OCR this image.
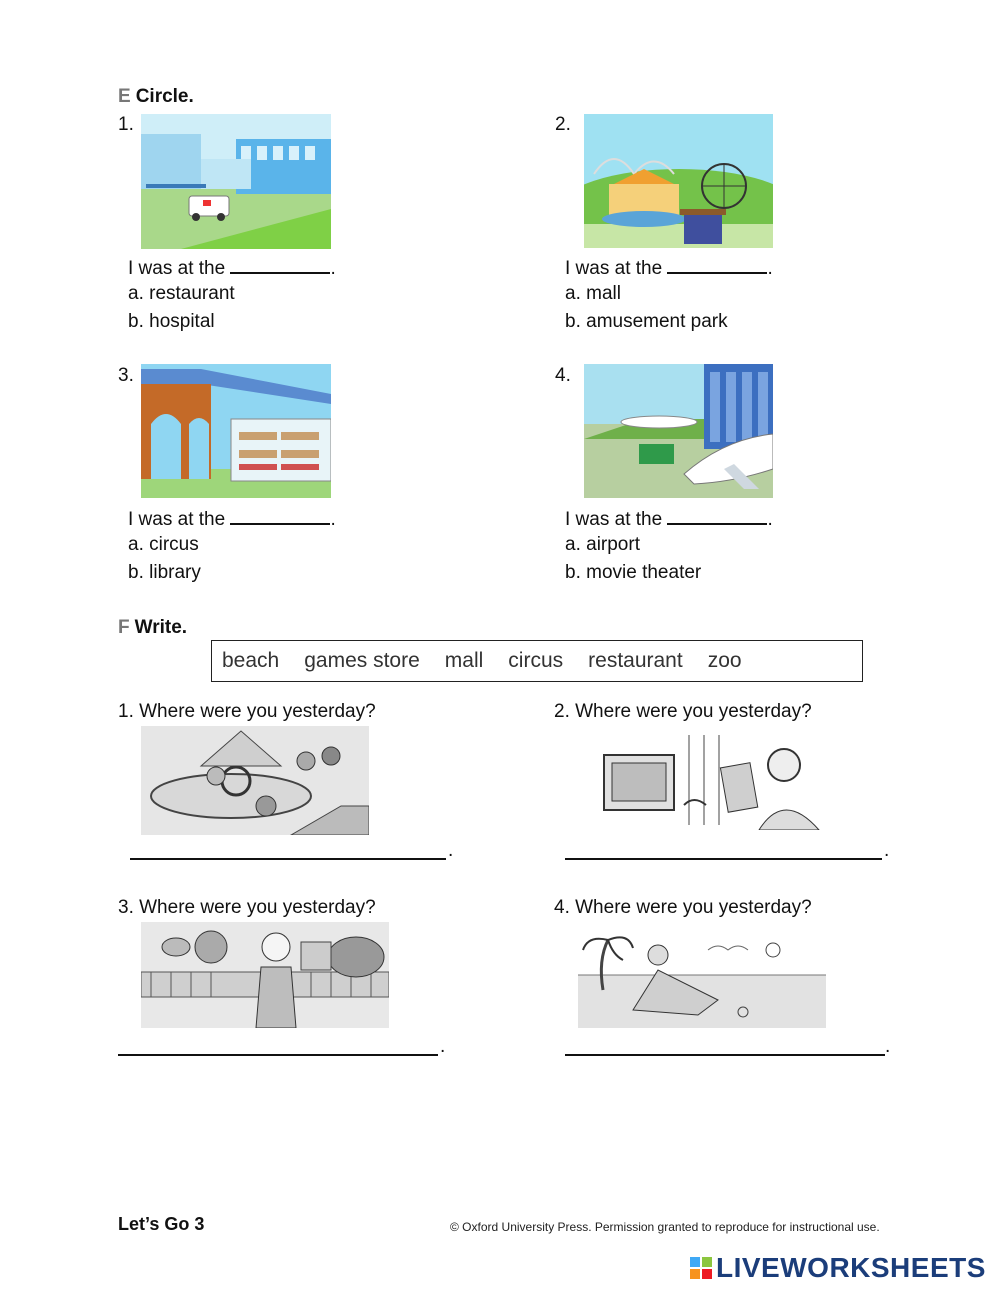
E Circle.
1.
I was at the	.
a. restaurant
b. hospital
2.
I was at the	.
a. mall
b. amusement park
3.
I was at the	.
a. circus
b. library
4.
I was at the	.
a. airport
b. movie theater
F Write.
beach games store mall circus restaurant zoo
1. Where were you yesterday?
.
2. Where were you yesterday?
.
3. Where were you yesterday?
.
4. Where were you yesterday?
.
Let’s Go 3	© Oxford University Press. Permission granted to reproduce for instructional use.
LIVEWORKSHEETS
